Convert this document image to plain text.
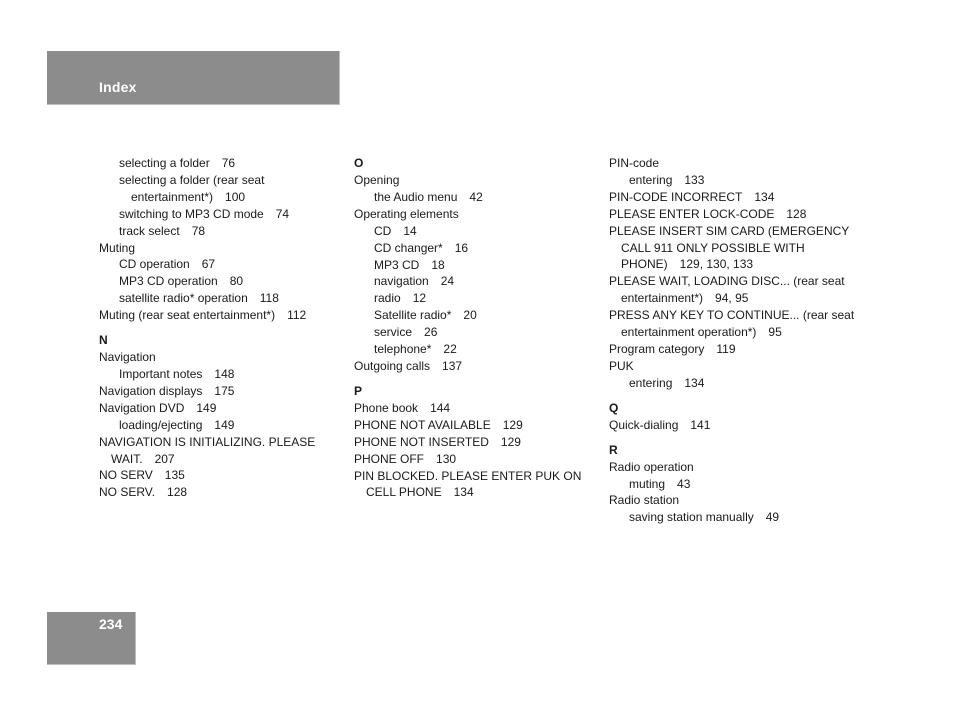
Index
selecting a folder 76
selecting a folder (rear seat
entertainment*) 100
switching to MP3 CD mode 74
track select 78
Muting
CD operation 67
MP3 CD operation 80
satellite radio* operation 118
Muting (rear seat entertainment*) 112
N
Navigation
Important notes 148
Navigation displays 175
Navigation DVD 149
loading/ejecting 149
NAVIGATION IS INITIALIZING. PLEASE
WAIT. 207
NO SERV 135
NO SERV. 128
O
Opening
the Audio menu 42
Operating elements
CD 14
CD changer* 16
MP3 CD 18
navigation 24
radio 12
Satellite radio* 20
service 26
telephone* 22
Outgoing calls 137
P
Phone book 144
PHONE NOT AVAILABLE 129
PHONE NOT INSERTED 129
PHONE OFF 130
PIN BLOCKED. PLEASE ENTER PUK ON
CELL PHONE 134
PIN-code
entering 133
PIN-CODE INCORRECT 134
PLEASE ENTER LOCK-CODE 128
PLEASE INSERT SIM CARD (EMERGENCY
CALL 911 ONLY POSSIBLE WITH
PHONE) 129, 130, 133
PLEASE WAIT, LOADING DISC... (rear seat
entertainment*) 94, 95
PRESS ANY KEY TO CONTINUE... (rear seat
entertainment operation*) 95
Program category 119
PUK
entering 134
Q
Quick-dialing 141
R
Radio operation
muting 43
Radio station
saving station manually 49
234
